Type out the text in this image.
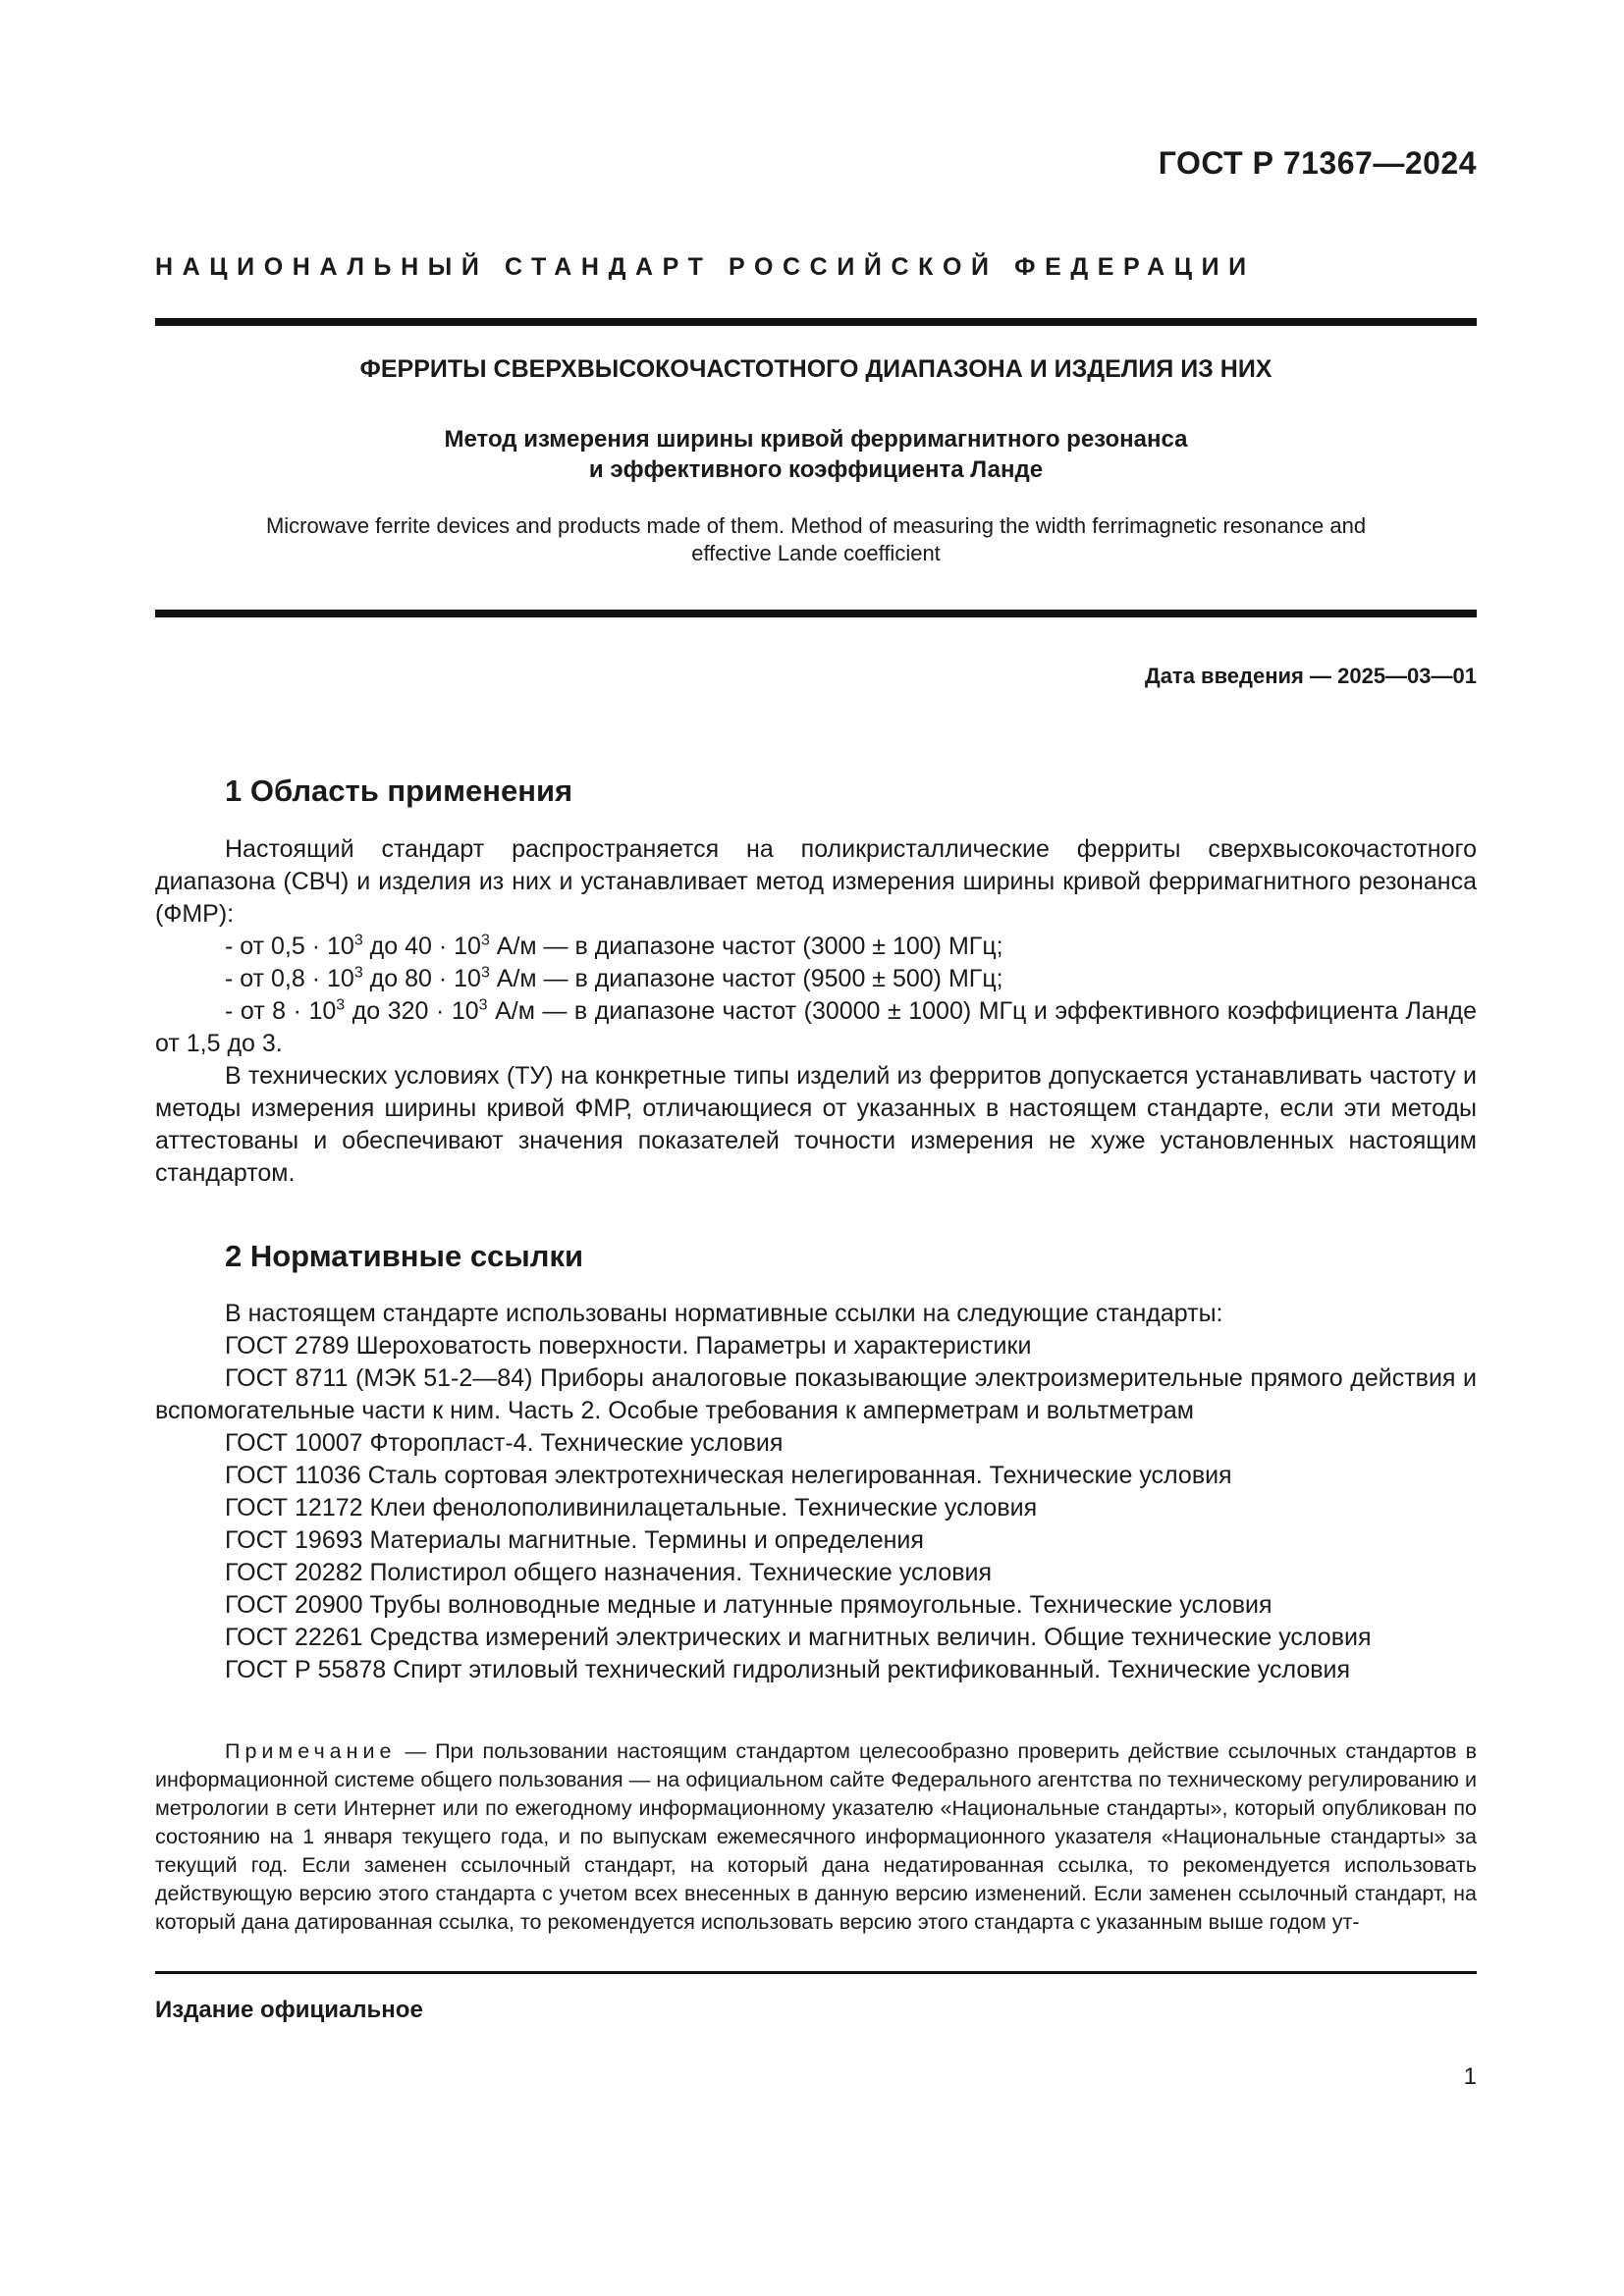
ГОСТ Р 71367—2024
НАЦИОНАЛЬНЫЙ СТАНДАРТ РОССИЙСКОЙ ФЕДЕРАЦИИ
ФЕРРИТЫ СВЕРХВЫСОКОЧАСТОТНОГО ДИАПАЗОНА И ИЗДЕЛИЯ ИЗ НИХ
Метод измерения ширины кривой ферримагнитного резонанса
и эффективного коэффициента Ланде
Microwave ferrite devices and products made of them. Method of measuring the width ferrimagnetic resonance and
effective Lande coefficient
Дата введения — 2025—03—01
1 Область применения

Настоящий стандарт распространяется на поликристаллические ферриты сверхвысокочастотного диапазона (СВЧ) и изделия из них и устанавливает метод измерения ширины кривой ферримагнитного резонанса (ФМР):

- от $0,5 \cdot 10^3$ до $40 \cdot 10^3$ А/м — в диапазоне частот (3000 ± 100) МГц;

- от $0,8 \cdot 10^3$ до $80 \cdot 10^3$ А/м — в диапазоне частот (9500 ± 500) МГц;

- от $8 \cdot 10^3$ до $320 \cdot 10^3$ А/м — в диапазоне частот (30000 ± 1000) МГц и эффективного коэффициента Ланде от 1,5 до 3.

В технических условиях (ТУ) на конкретные типы изделий из ферритов допускается устанавливать частоту и методы измерения ширины кривой ФМР, отличающиеся от указанных в настоящем стандарте, если эти методы аттестованы и обеспечивают значения показателей точности измерения не хуже установленных настоящим стандартом.

2 Нормативные ссылки

В настоящем стандарте использованы нормативные ссылки на следующие стандарты:

ГОСТ 2789 Шероховатость поверхности. Параметры и характеристики

ГОСТ 8711 (МЭК 51-2—84) Приборы аналоговые показывающие электроизмерительные прямого действия и вспомогательные части к ним. Часть 2. Особые требования к амперметрам и вольтметрам

ГОСТ 10007 Фторопласт-4. Технические условия

ГОСТ 11036 Сталь сортовая электротехническая нелегированная. Технические условия

ГОСТ 12172 Клеи фенолополивинилацетальные. Технические условия

ГОСТ 19693 Материалы магнитные. Термины и определения

ГОСТ 20282 Полистирол общего назначения. Технические условия

ГОСТ 20900 Трубы волноводные медные и латунные прямоугольные. Технические условия

ГОСТ 22261 Средства измерений электрических и магнитных величин. Общие технические условия

ГОСТ Р 55878 Спирт этиловый технический гидролизный ректификованный. Технические условия

Примечание — При пользовании настоящим стандартом целесообразно проверить действие ссылочных стандартов в информационной системе общего пользования — на официальном сайте Федерального агентства по техническому регулированию и метрологии в сети Интернет или по ежегодному информационному указателю «Национальные стандарты», который опубликован по состоянию на 1 января текущего года, и по выпускам ежемесячного информационного указателя «Национальные стандарты» за текущий год. Если заменен ссылочный стандарт, на который дана недатированная ссылка, то рекомендуется использовать действующую версию этого стандарта с учетом всех внесенных в данную версию изменений. Если заменен ссылочный стандарт, на который дана датированная ссылка, то рекомендуется использовать версию этого стандарта с указанным выше годом ут-

Издание официальное
1
